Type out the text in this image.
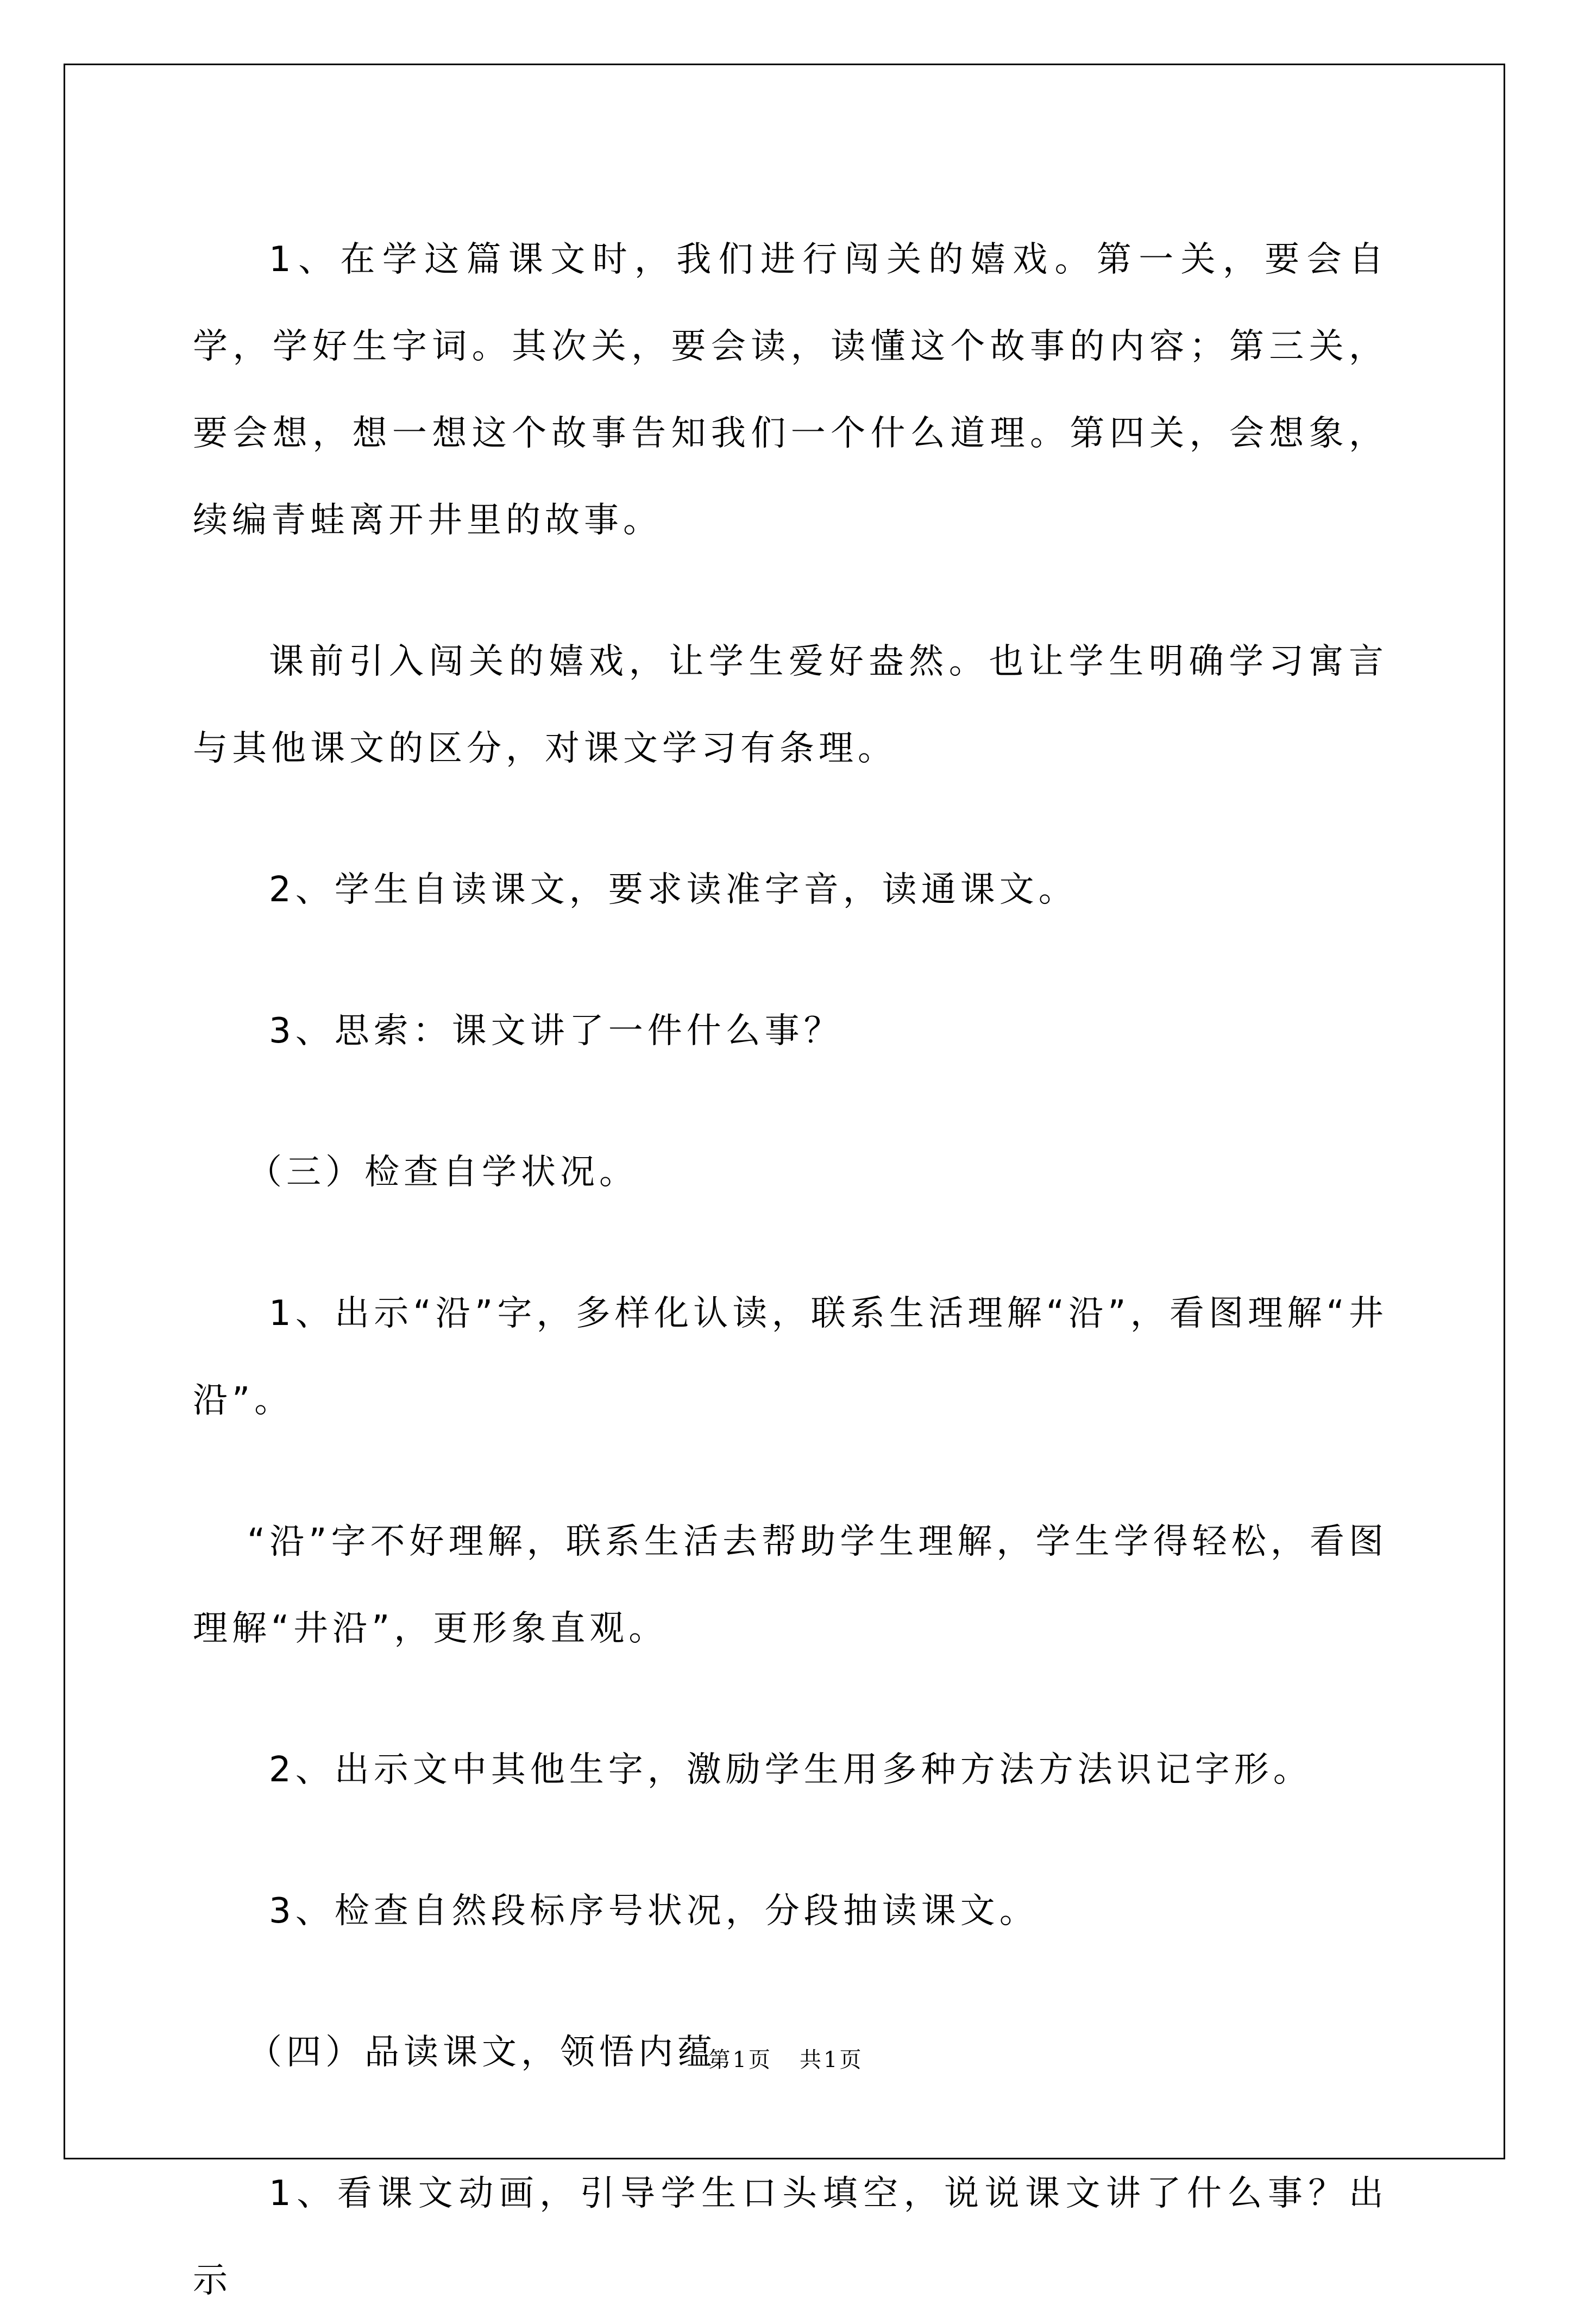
1、在学这篇课文时，我们进行闯关的嬉戏。第一关，要会自学，学好生字词。其次关，要会读，读懂这个故事的内容；第三关，要会想，想一想这个故事告知我们一个什么道理。第四关，会想象，续编青蛙离开井里的故事。

课前引入闯关的嬉戏，让学生爱好盎然。也让学生明确学习寓言与其他课文的区分，对课文学习有条理。

2、学生自读课文，要求读准字音，读通课文。

3、思索：课文讲了一件什么事？

（三）检查自学状况。

1、出示“沿”字，多样化认读，联系生活理解“沿”，看图理解“井沿”。

“沿”字不好理解，联系生活去帮助学生理解，学生学得轻松，看图理解“井沿”，更形象直观。

2、出示文中其他生字，激励学生用多种方法方法识记字形。

3、检查自然段标序号状况，分段抽读课文。

（四）品读课文，领悟内蕴

1、看课文动画，引导学生口头填空，说说课文讲了什么事？出示

第1页 共1页
